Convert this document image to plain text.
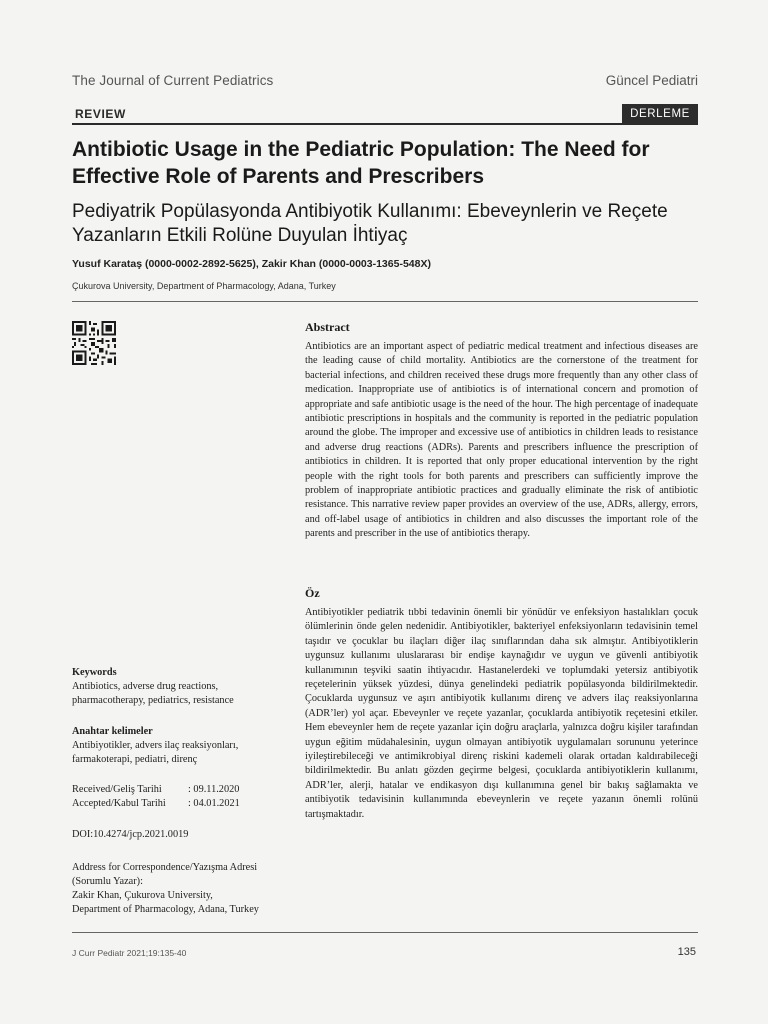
The Journal of Current Pediatrics	Güncel Pediatri
REVIEW	DERLEME
Antibiotic Usage in the Pediatric Population: The Need for Effective Role of Parents and Prescribers
Pediyatrik Popülasyonda Antibiyotik Kullanımı: Ebeveynlerin ve Reçete Yazanların Etkili Rolüne Duyulan İhtiyaç
Yusuf Karataş (0000-0002-2892-5625), Zakir Khan (0000-0003-1365-548X)
Çukurova University, Department of Pharmacology, Adana, Turkey
Abstract
Antibiotics are an important aspect of pediatric medical treatment and infectious diseases are the leading cause of child mortality. Antibiotics are the cornerstone of the treatment for bacterial infections, and children received these drugs more frequently than any other class of medication. Inappropriate use of antibiotics is of international concern and promotion of appropriate and safe antibiotic usage is the need of the hour. The high percentage of inadequate antibiotic prescriptions in hospitals and the community is reported in the pediatric population around the globe. The improper and excessive use of antibiotics in children leads to resistance and adverse drug reactions (ADRs). Parents and prescribers influence the prescription of antibiotics in children. It is reported that only proper educational intervention by the right people with the right tools for both parents and prescribers can sufficiently improve the problem of inappropriate antibiotic practices and gradually eliminate the risk of antibiotic resistance. This narrative review paper provides an overview of the use, ADRs, allergy, errors, and off-label usage of antibiotics in children and also discusses the important role of the parents and prescriber in the use of antibiotics therapy.
Öz
Antibiyotikler pediatrik tıbbi tedavinin önemli bir yönüdür ve enfeksiyon hastalıkları çocuk ölümlerinin önde gelen nedenidir. Antibiyotikler, bakteriyel enfeksiyonların tedavisinin temel taşıdır ve çocuklar bu ilaçları diğer ilaç sınıflarından daha sık almıştır. Antibiyotiklerin uygunsuz kullanımı uluslararası bir endişe kaynağıdır ve uygun ve güvenli antibiyotik kullanımının teşviki saatin ihtiyacıdır. Hastanelerdeki ve toplumdaki yetersiz antibiyotik reçetelerinin yüksek yüzdesi, dünya genelindeki pediatrik popülasyonda bildirilmektedir. Çocuklarda uygunsuz ve aşırı antibiyotik kullanımı direnç ve advers ilaç reaksiyonlarına (ADR’ler) yol açar. Ebeveynler ve reçete yazanlar, çocuklarda antibiyotik reçetesini etkiler. Hem ebeveynler hem de reçete yazanlar için doğru araçlarla, yalnızca doğru kişiler tarafından uygun eğitim müdahalesinin, uygun olmayan antibiyotik uygulamaları sorununu yeterince iyileştirebileceği ve antimikrobiyal direnç riskini kademeli olarak ortadan kaldırabileceği bildirilmektedir. Bu anlatı gözden geçirme belgesi, çocuklarda antibiyotiklerin kullanımı, ADR’ler, alerji, hatalar ve endikasyon dışı kullanımına genel bir bakış sağlamakta ve antibiyotik tedavisinin kullanımında ebeveynlerin ve reçete yazanın önemli rolünü tartışmaktadır.
Keywords
Antibiotics, adverse drug reactions, pharmacotherapy, pediatrics, resistance
Anahtar kelimeler
Antibiyotikler, advers ilaç reaksiyonları, farmakoterapi, pediatri, direnç
Received/Geliş Tarihi	: 09.11.2020
Accepted/Kabul Tarihi	: 04.01.2021
DOI:10.4274/jcp.2021.0019
Address for Correspondence/Yazışma Adresi
(Sorumlu Yazar):
Zakir Khan, Çukurova University,
Department of Pharmacology, Adana, Turkey
J Curr Pediatr 2021;19:135-40	135
